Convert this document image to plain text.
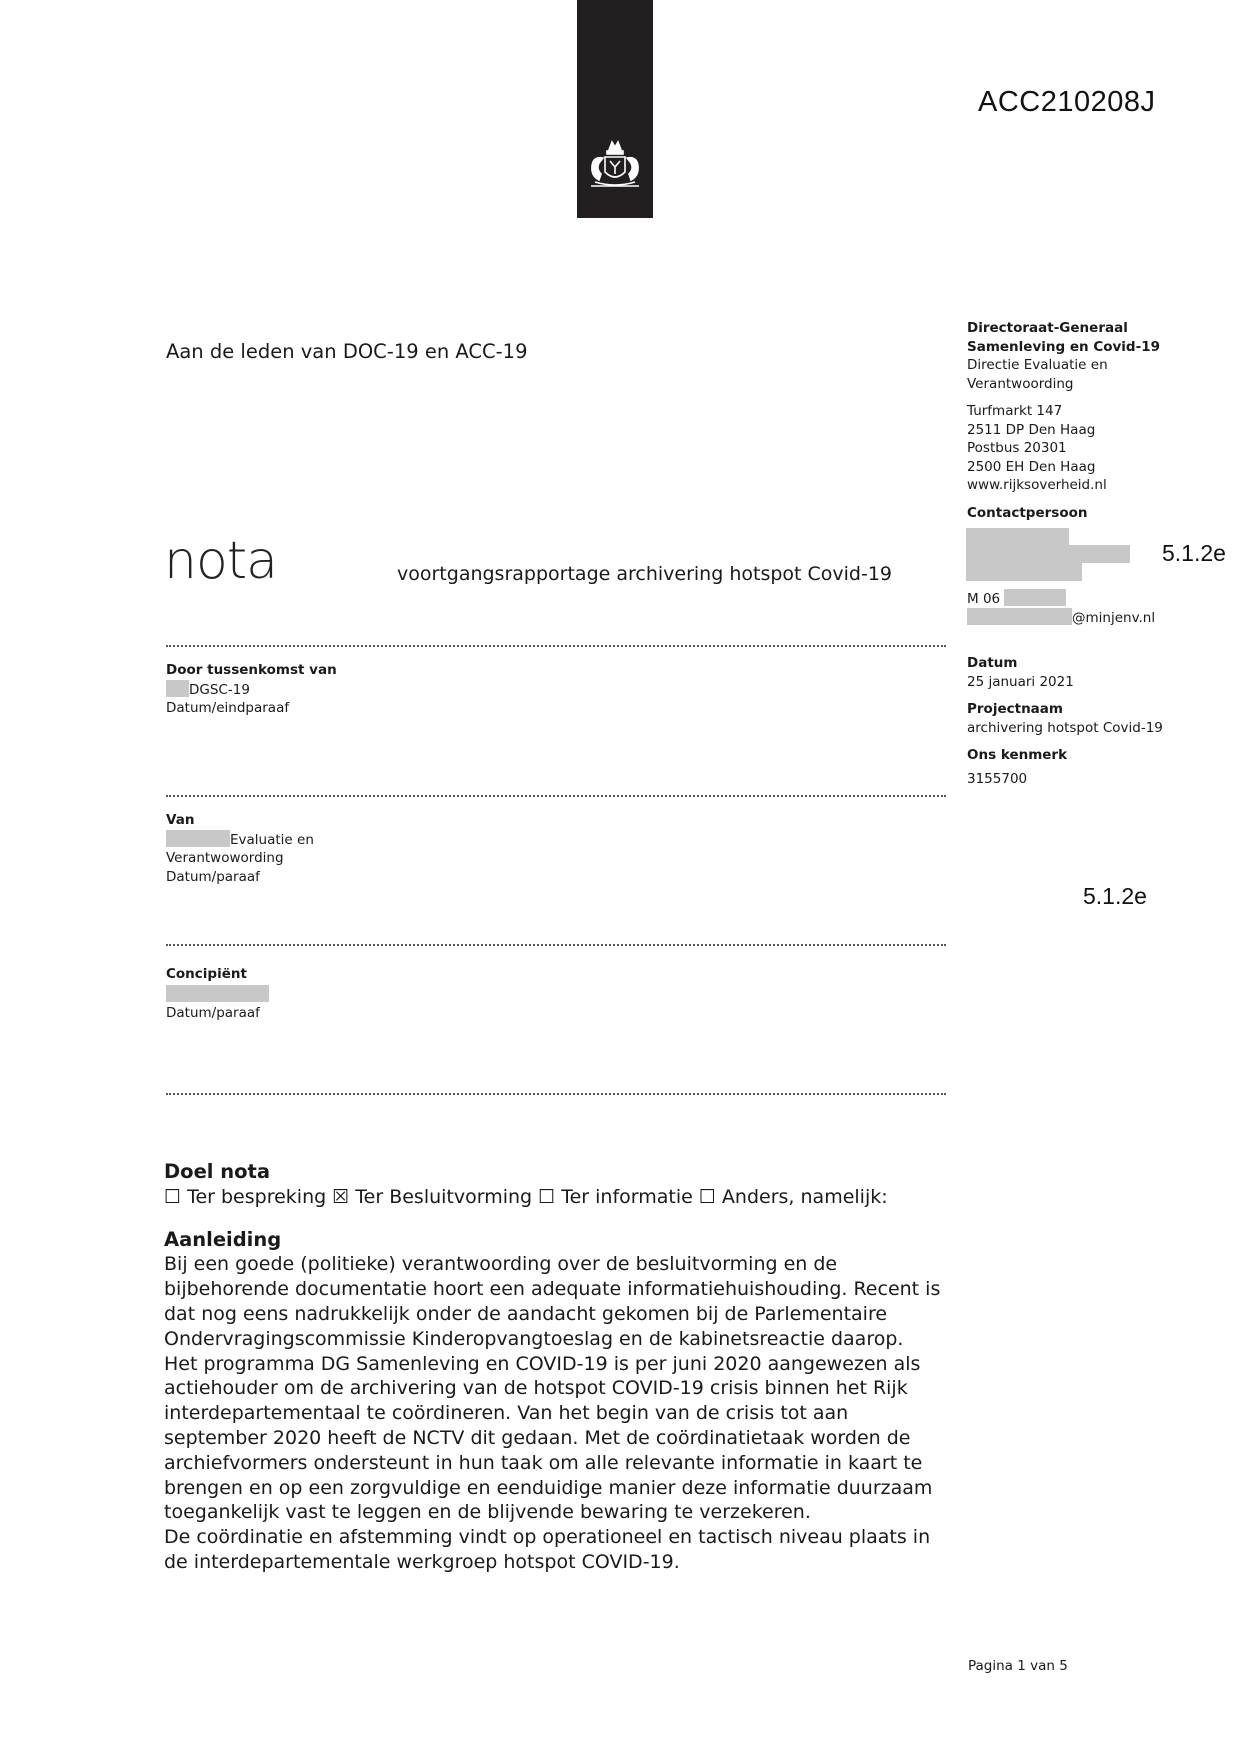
ACC210208J
Aan de leden van DOC-19 en ACC-19
nota	voortgangsrapportage archivering hotspot Covid-19
Directoraat-Generaal
Samenleving en Covid-19
Directie Evaluatie en
Verantwoording
Turfmarkt 147
2511 DP Den Haag
Postbus 20301
2500 EH Den Haag
www.rijksoverheid.nl
Contactpersoon
5.1.2e
M 06
@minjenv.nl
Datum
25 januari 2021
Projectnaam
archivering hotspot Covid-19
Ons kenmerk
3155700
5.1.2e
Door tussenkomst van
DGSC-19
Datum/eindparaaf
Van
Evaluatie en
Verantwowording
Datum/paraaf
Concipiënt
Datum/paraaf
Doel nota
☐ Ter bespreking ☒ Ter Besluitvorming ☐ Ter informatie ☐ Anders, namelijk:
Aanleiding
Bij een goede (politieke) verantwoording over de besluitvorming en de
bijbehorende documentatie hoort een adequate informatiehuishouding. Recent is
dat nog eens nadrukkelijk onder de aandacht gekomen bij de Parlementaire
Ondervragingscommissie Kinderopvangtoeslag en de kabinetsreactie daarop.
Het programma DG Samenleving en COVID-19 is per juni 2020 aangewezen als
actiehouder om de archivering van de hotspot COVID-19 crisis binnen het Rijk
interdepartementaal te coördineren. Van het begin van de crisis tot aan
september 2020 heeft de NCTV dit gedaan. Met de coördinatietaak worden de
archiefvormers ondersteunt in hun taak om alle relevante informatie in kaart te
brengen en op een zorgvuldige en eenduidige manier deze informatie duurzaam
toegankelijk vast te leggen en de blijvende bewaring te verzekeren.
De coördinatie en afstemming vindt op operationeel en tactisch niveau plaats in
de interdepartementale werkgroep hotspot COVID-19.
Pagina 1 van 5
